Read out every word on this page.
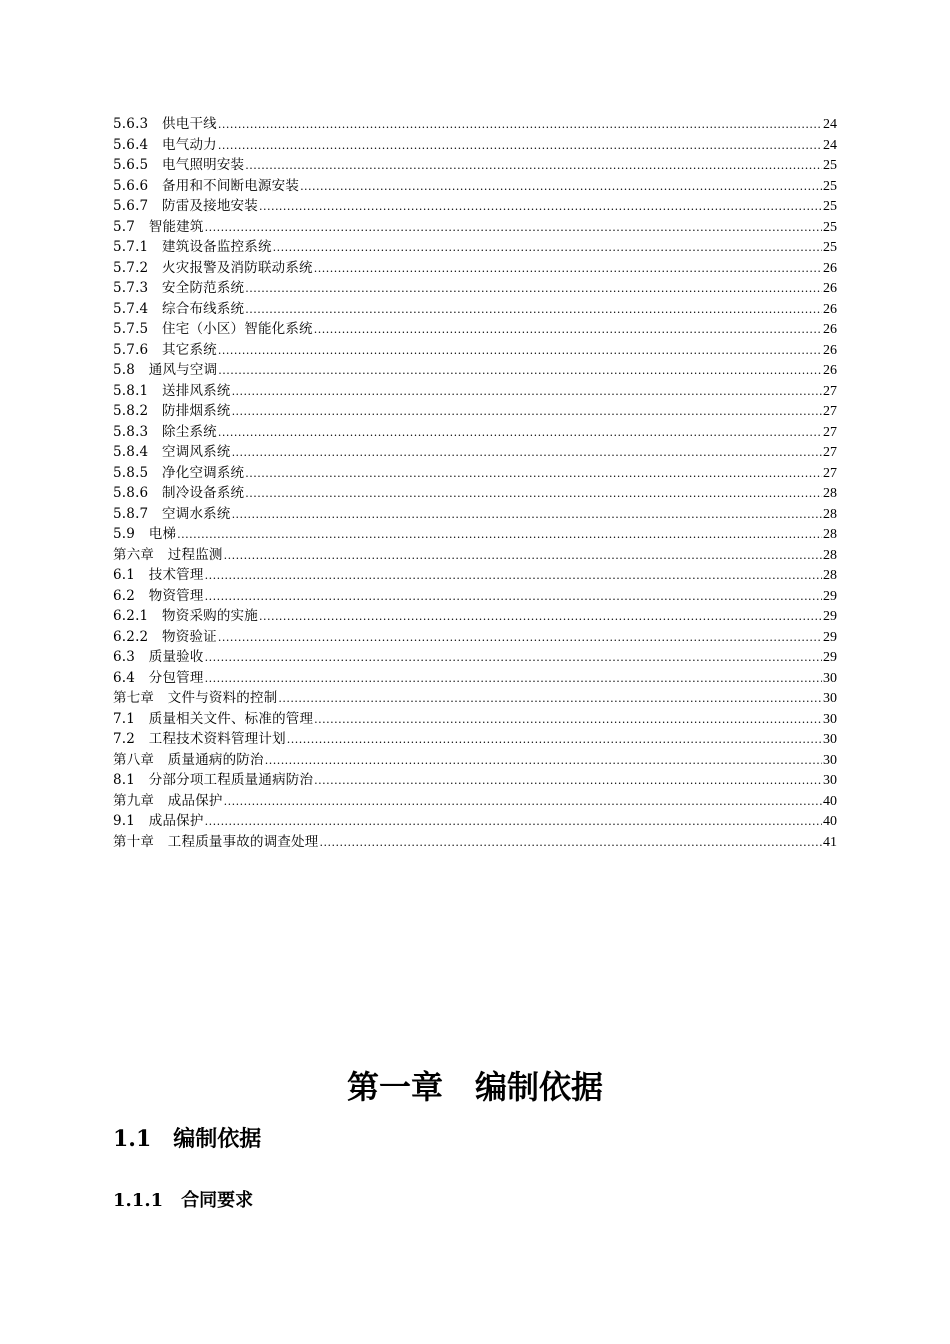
5.6.3　供电干线 .....	24
5.6.4　电气动力 .....	24
5.6.5　电气照明安装 .....	25
5.6.6　备用和不间断电源安装 .....	25
5.6.7　防雷及接地安装 .....	25
5.7　智能建筑 .....	25
5.7.1　建筑设备监控系统 .....	25
5.7.2　火灾报警及消防联动系统 .....	26
5.7.3　安全防范系统 .....	26
5.7.4　综合布线系统 .....	26
5.7.5　住宅（小区）智能化系统 .....	26
5.7.6　其它系统 .....	26
5.8　通风与空调 .....	26
5.8.1　送排风系统 .....	27
5.8.2　防排烟系统 .....	27
5.8.3　除尘系统 .....	27
5.8.4　空调风系统 .....	27
5.8.5　净化空调系统 .....	27
5.8.6　制冷设备系统 .....	28
5.8.7　空调水系统 .....	28
5.9　电梯 .....	28
第六章　过程监测 .....	28
6.1　技术管理 .....	28
6.2　物资管理 .....	29
6.2.1　物资采购的实施 .....	29
6.2.2　物资验证 .....	29
6.3　质量验收 .....	29
6.4　分包管理 .....	30
第七章　文件与资料的控制 .....	30
7.1　质量相关文件、标准的管理 .....	30
7.2　工程技术资料管理计划 .....	30
第八章　质量通病的防治 .....	30
8.1　分部分项工程质量通病防治 .....	30
第九章　成品保护 .....	40
9.1　成品保护 .....	40
第十章　工程质量事故的调查处理 .....	41
第一章　编制依据
1.1　编制依据
1.1.1　合同要求
